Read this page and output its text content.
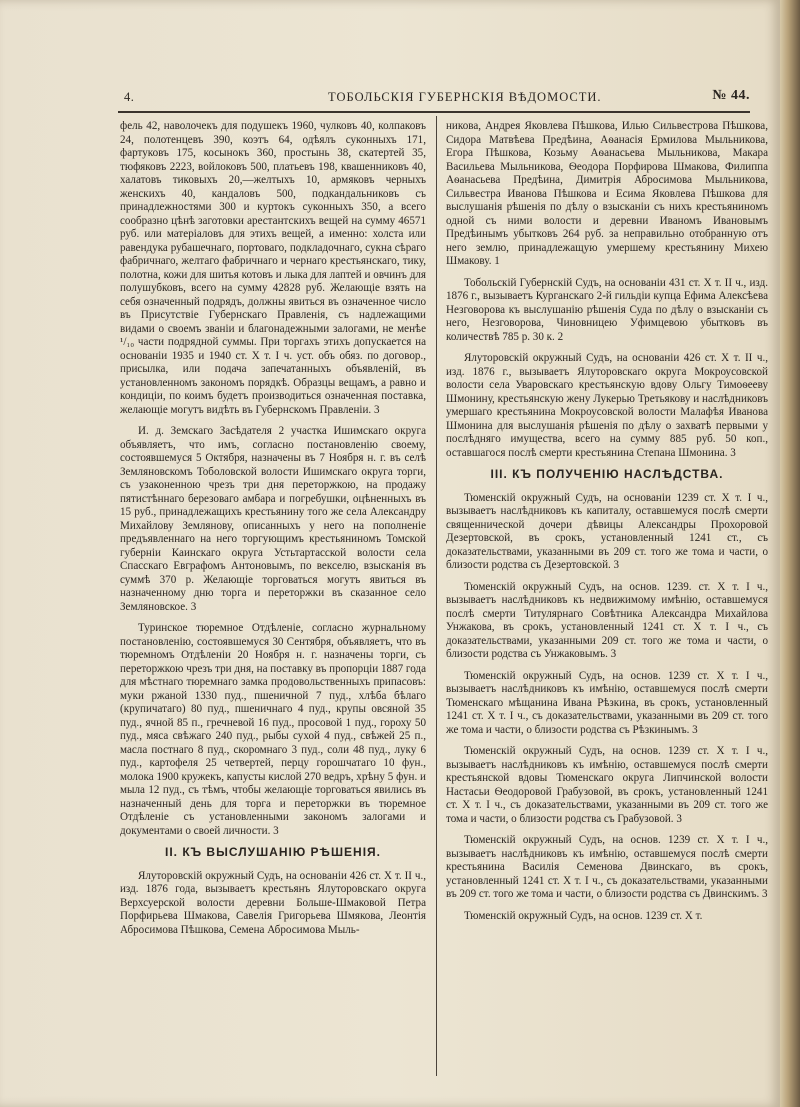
4.	ТОБОЛЬСКIЯ ГУБЕРНСКIЯ ВѢДОМОСТИ.	№ 44.

фель 42, наволочекъ для подушекъ 1960, чулковъ 40, колпаковъ 24, полотенцевъ 390, коэтъ 64, одѣялъ суконныхъ 171, фартуковъ 175, косынокъ 360, простынь 38, скатертей 35, тюфяковъ 2223, войлоковъ 500, платьевъ 198, квашенниковъ 40, халатовъ тиковыхъ 20,—желтыхъ 10, армяковъ черныхъ женскихъ 40, кандаловъ 500, подкандальниковъ съ принадлежностями 300 и куртокъ суконныхъ 350, а всего сообразно цѣнѣ заготовки арестантскихъ вещей на сумму 46571 руб. или матерiаловъ для этихъ вещей, а именно: холста или равендука рубашечнаго, портоваго, подкладочнаго, сукна сѣраго фабричнаго, желтаго фабричнаго и чернаго крестьянскаго, тику, полотна, кожи для шитья котовъ и лыка для лаптей и овчинъ для полушубковъ, всего на сумму 42828 руб. Желающiе взять на себя означенный подрядъ, должны явиться въ означенное число въ Присутствiе Губернскаго Правленiя, съ надлежащими видами о своемъ званiи и благонадежными залогами, не менѣе ¹/₁₀ части подрядной суммы. При торгахъ этихъ допускается на основанiи 1935 и 1940 ст. X т. I ч. уст. объ обяз. по договор., присылка, или подача запечатанныхъ объявленiй, въ установленномъ закономъ порядкѣ. Образцы вещамъ, а равно и кондицiи, по коимъ будетъ производиться означенная поставка, желающiе могутъ видѣть въ Губернскомъ Правленiи. 3

И. д. Земскаго Засѣдателя 2 участка Ишимскаго округа объявляетъ, что имъ, согласно постановленiю своему, состоявшемуся 5 Октября, назначены въ 7 Ноября н. г. въ селѣ Земляновскомъ Тоболовской волости Ишимскаго округа торги, съ узаконенною чрезъ три дня переторжкою, на продажу пятистѣннаго березоваго амбара и погребушки, оцѣненныхъ въ 15 руб., принадлежащихъ крестьянину того же села Александру Михайлову Землянову, описанныхъ у него на пополненiе предъявленнаго на него торгующимъ крестьяниномъ Томской губернiи Каинскаго округа Устьтартасской волости села Спасскаго Евграфомъ Антоновымъ, по векселю, взысканiя въ суммѣ 370 р. Желающiе торговаться могутъ явиться въ назначенному дню торга и переторжки въ сказанное село Земляновское. 3

Туринское тюремное Отдѣленiе, согласно журнальному постановленiю, состоявшемуся 30 Сентября, объявляетъ, что въ тюремномъ Отдѣленiи 20 Ноября н. г. назначены торги, съ переторжкою чрезъ три дня, на поставку въ пропорцiи 1887 года для мѣстнаго тюремнаго замка продовольственныхъ припасовъ: муки ржаной 1330 пуд., пшеничной 7 пуд., хлѣба бѣлаго (крупичатаго) 80 пуд., пшеничнаго 4 пуд., крупы овсяной 35 пуд., ячной 85 п., гречневой 16 пуд., просовой 1 пуд., гороху 50 пуд., мяса свѣжаго 240 пуд., рыбы сухой 4 пуд., свѣжей 25 п., масла постнаго 8 пуд., скоромнаго 3 пуд., соли 48 пуд., луку 6 пуд., картофеля 25 четвертей, перцу горошчатаго 10 фун., молока 1900 кружекъ, капусты кислой 270 ведръ, хрѣну 5 фун. и мыла 12 пуд., съ тѣмъ, чтобы желающiе торговаться явились въ назначенный день для торга и переторжки въ тюремное Отдѣленiе съ установленными закономъ залогами и документами о своей личности. 3

II. КЪ ВЫСЛУШАНIЮ РѢШЕНIЯ.

Ялуторовскiй окружный Судъ, на основанiи 426 ст. X т. II ч., изд. 1876 года, вызываетъ крестьянъ Ялуторовскаго округа Верхсуерской волости деревни Больше-Шмаковой Петра Порфирьева Шмакова, Савелiя Григорьева Шмякова, Леонтiя Абросимова Пѣшкова, Семена Абросимова Мыль-

никова, Андрея Яковлева Пѣшкова, Илью Сильвестрова Пѣшкова, Сидора Матвѣева Предѣина, Аѳанасiя Ермилова Мыльникова, Егора Пѣшкова, Козьму Аѳанасьева Мыльникова, Макара Васильева Мыльникова, Ѳеодора Порфирова Шмакова, Филиппа Аѳанасьева Предѣина, Димитрiя Абросимова Мыльникова, Сильвестра Иванова Пѣшкова и Есима Яковлева Пѣшкова для выслушанiя рѣшенiя по дѣлу о взысканiи съ нихъ крестьяниномъ одной съ ними волости и деревни Иваномъ Ивановымъ Предѣинымъ убытковъ 264 руб. за неправильно отобранную отъ него землю, принадлежащую умершему крестьянину Михею Шмакову. 1

Тобольскiй Губернскiй Судъ, на основанiи 431 ст. X т. II ч., изд. 1876 г., вызываетъ Курганскаго 2-й гильдiи купца Ефима Алексѣева Незговорова къ выслушанiю рѣшенiя Суда по дѣлу о взысканiи съ него, Незговорова, Чиновницею Уфимцевою убытковъ въ количествѣ 785 р. 30 к. 2

Ялуторовскiй окружный Судъ, на основанiи 426 ст. X т. II ч., изд. 1876 г., вызываетъ Ялуторовскаго округа Мокроусовской волости села Уваровскаго крестьянскую вдову Ольгу Тимоѳееву Шмонину, крестьянскую жену Лукерью Третьякову и наслѣдниковъ умершаго крестьянина Мокроусовской волости Малафѣя Иванова Шмонина для выслушанiя рѣшенiя по дѣлу о захватѣ первыми у послѣдняго имущества, всего на сумму 885 руб. 50 коп., оставшагося послѣ смерти крестьянина Степана Шмонина. 3

III. КЪ ПОЛУЧЕНIЮ НАСЛѢДСТВА.

Тюменскiй окружный Судъ, на основанiи 1239 ст. X т. I ч., вызываетъ наслѣдниковъ къ капиталу, оставшемуся послѣ смерти священнической дочери дѣвицы Александры Прохоровой Дезертовской, въ срокъ, установленный 1241 ст., съ доказательствами, указанными въ 209 ст. того же тома и части, о близости родства съ Дезертовской. 3

Тюменскiй окружный Судъ, на основ. 1239. ст. X т. I ч., вызываетъ наслѣдниковъ къ недвижимому имѣнiю, оставшемуся послѣ смерти Титулярнаго Совѣтника Александра Михайлова Унжакова, въ срокъ, установленный 1241 ст. X т. I ч., съ доказательствами, указанными 209 ст. того же тома и части, о близости родства съ Унжаковымъ. 3

Тюменскiй окружный Судъ, на основ. 1239 ст. X т. I ч., вызываетъ наслѣдниковъ къ имѣнiю, оставшемуся послѣ смерти Тюменскаго мѣщанина Ивана Рѣзкина, въ срокъ, установленный 1241 ст. X т. I ч., съ доказательствами, указанными въ 209 ст. того же тома и части, о близости родства съ Рѣзкинымъ. 3

Тюменскiй окружный Судъ, на основ. 1239 ст. X т. I ч., вызываетъ наслѣдниковъ къ имѣнiю, оставшемуся послѣ смерти крестьянской вдовы Тюменскаго округа Липчинской волости Настасьи Ѳеодоровой Грабузовой, въ срокъ, установленный 1241 ст. X т. I ч., съ доказательствами, указанными въ 209 ст. того же тома и части, о близости родства съ Грабузовой. 3

Тюменскiй окружный Судъ, на основ. 1239 ст. X т. I ч., вызываетъ наслѣдниковъ къ имѣнiю, оставшемуся послѣ смерти крестьянина Василiя Семенова Двинскаго, въ срокъ, установленный 1241 ст. X т. I ч., съ доказательствами, указанными въ 209 ст. того же тома и части, о близости родства съ Двинскимъ. 3

Тюменскiй окружный Судъ, на основ. 1239 ст. X т.
